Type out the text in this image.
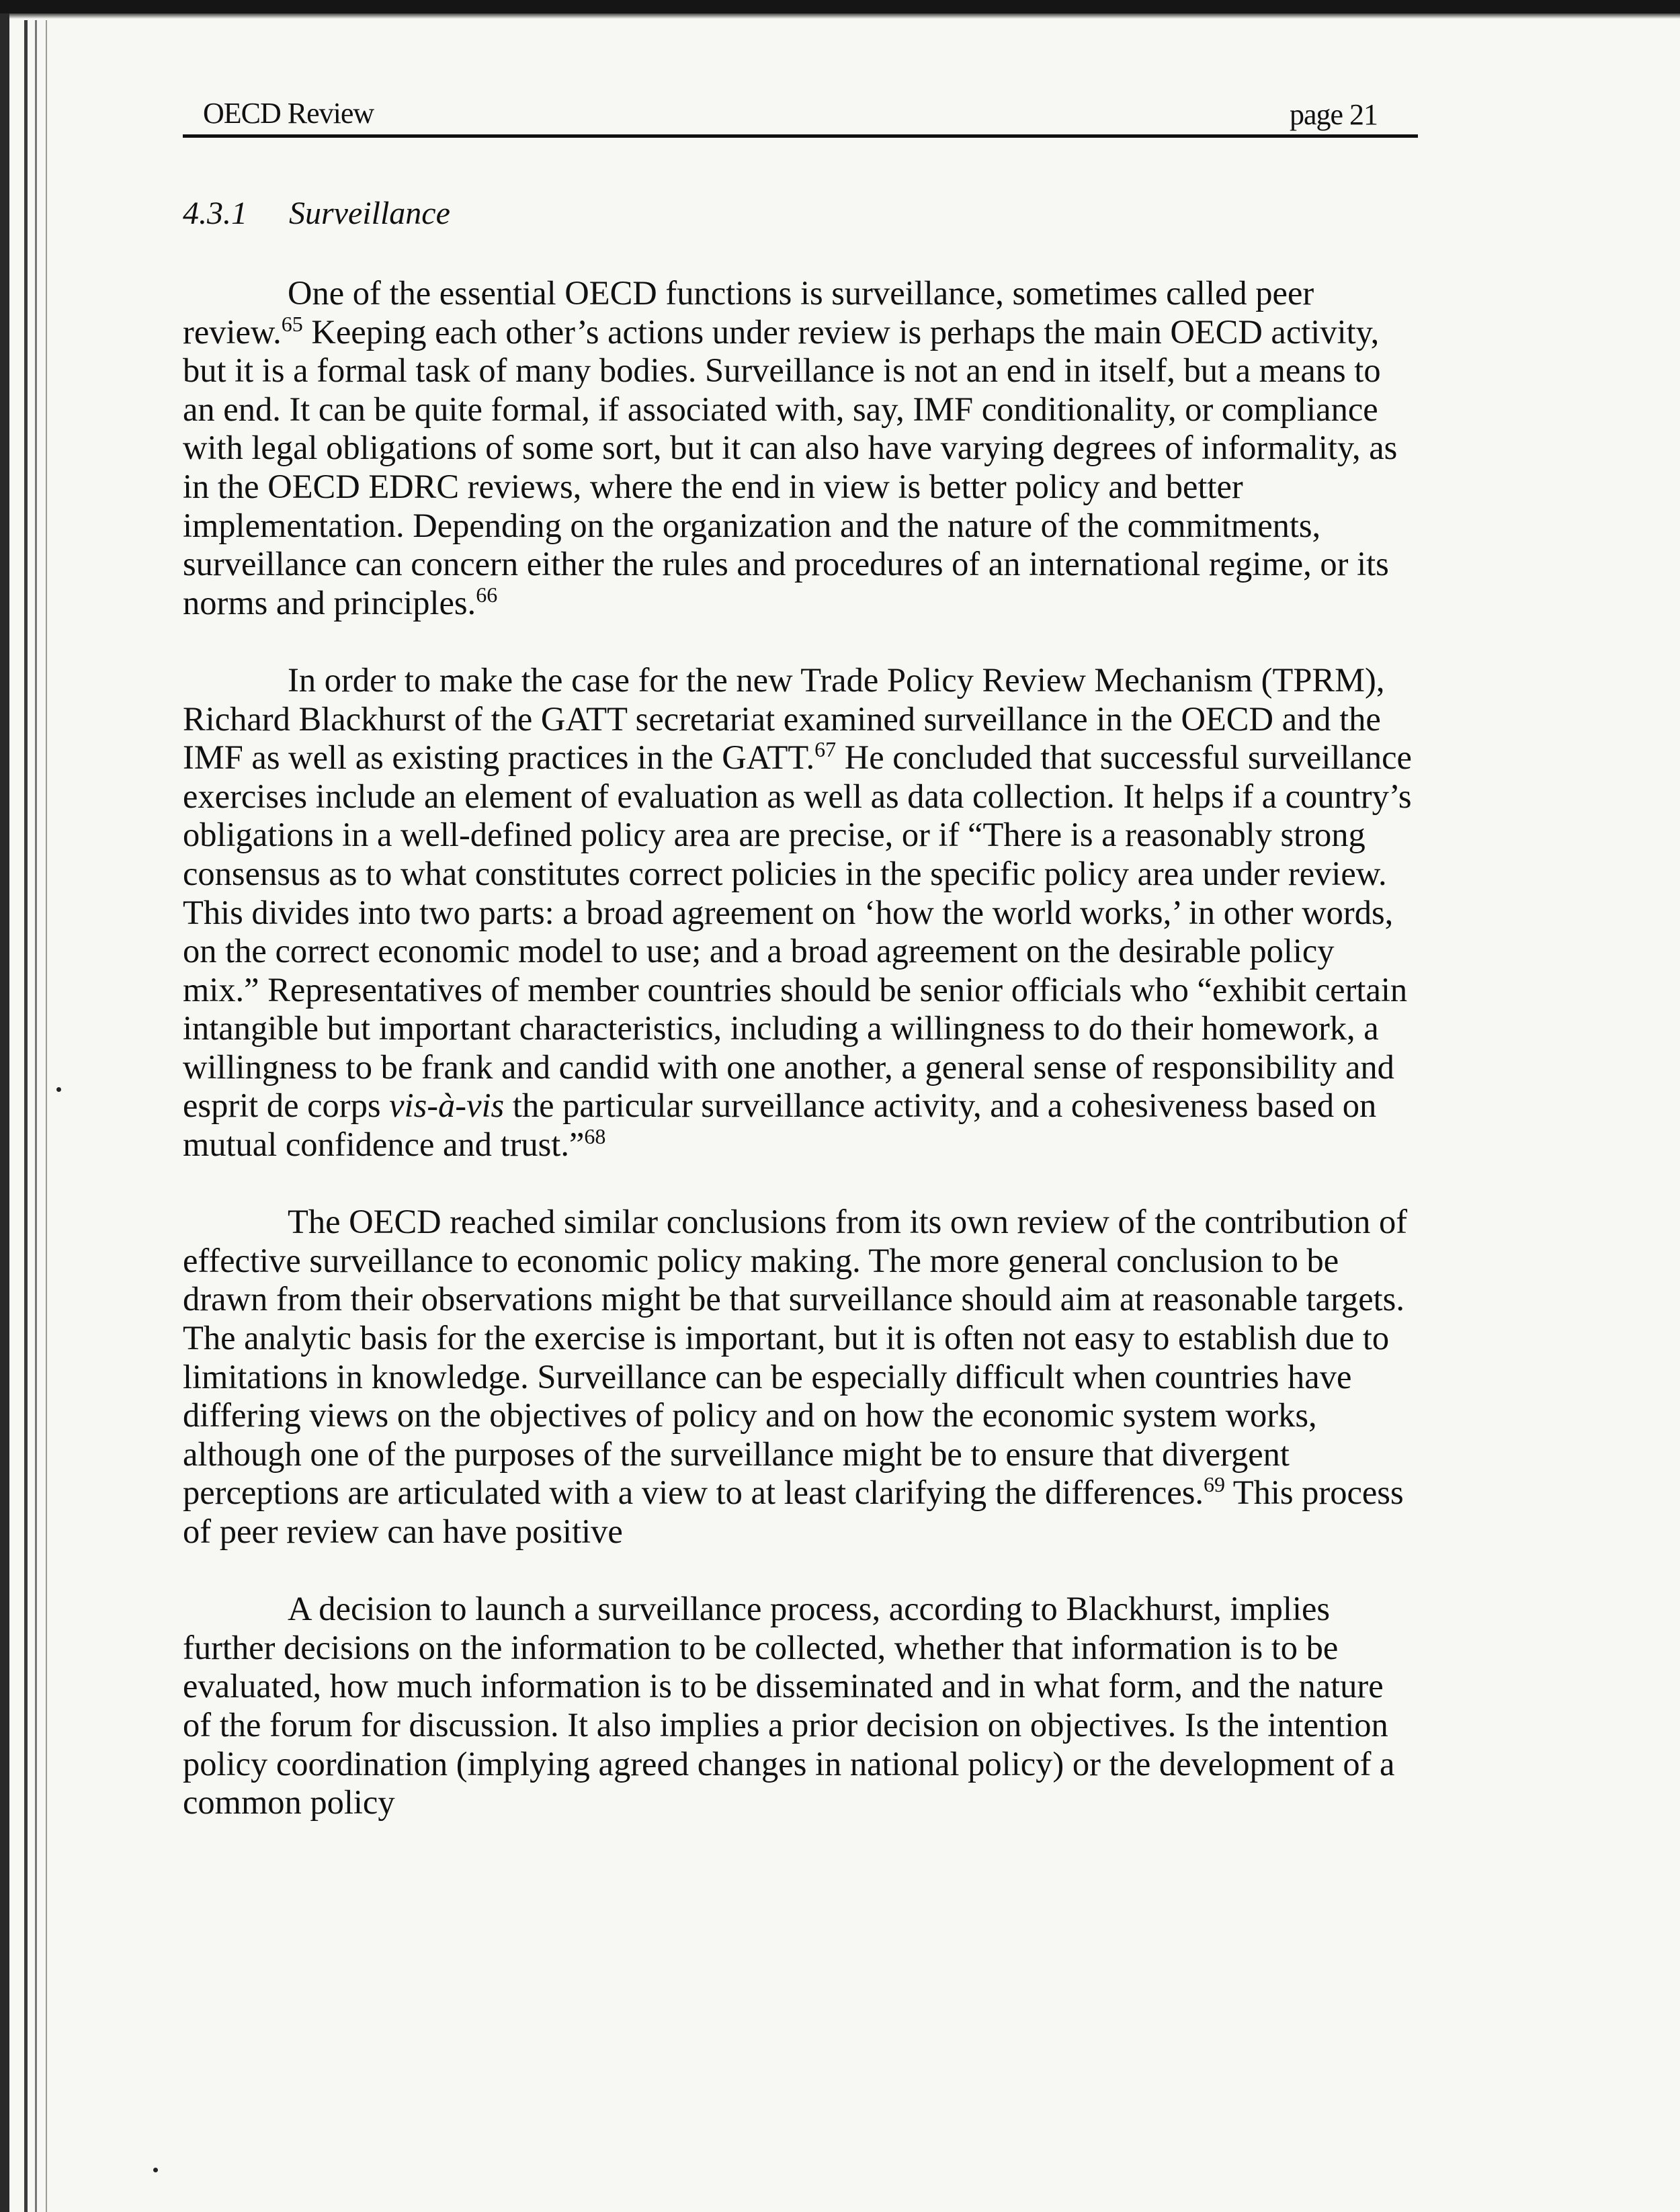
OECD Review	page 21
4.3.1 Surveillance

One of the essential OECD functions is surveillance, sometimes called peer review.$^{65}$ Keeping each other’s actions under review is perhaps the main OECD activity, but it is a formal task of many bodies. Surveillance is not an end in itself, but a means to an end. It can be quite formal, if associated with, say, IMF conditionality, or compliance with legal obligations of some sort, but it can also have varying degrees of informality, as in the OECD EDRC reviews, where the end in view is better policy and better implementation. Depending on the organization and the nature of the commitments, surveillance can concern either the rules and procedures of an international regime, or its norms and principles.$^{66}$

In order to make the case for the new Trade Policy Review Mechanism (TPRM), Richard Blackhurst of the GATT secretariat examined surveillance in the OECD and the IMF as well as existing practices in the GATT.$^{67}$ He concluded that successful surveillance exercises include an element of evaluation as well as data collection. It helps if a country’s obligations in a well-defined policy area are precise, or if “There is a reasonably strong consensus as to what constitutes correct policies in the specific policy area under review. This divides into two parts: a broad agreement on ‘how the world works,’ in other words, on the correct economic model to use; and a broad agreement on the desirable policy mix.” Representatives of member countries should be senior officials who “exhibit certain intangible but important characteristics, including a willingness to do their homework, a willingness to be frank and candid with one another, a general sense of responsibility and esprit de corps vis-à-vis the particular surveillance activity, and a cohesiveness based on mutual confidence and trust.”$^{68}$

The OECD reached similar conclusions from its own review of the contribution of effective surveillance to economic policy making. The more general conclusion to be drawn from their observations might be that surveillance should aim at reasonable targets. The analytic basis for the exercise is important, but it is often not easy to establish due to limitations in knowledge. Surveillance can be especially difficult when countries have differing views on the objectives of policy and on how the economic system works, although one of the purposes of the surveillance might be to ensure that divergent perceptions are articulated with a view to at least clarifying the differences.$^{69}$ This process of peer review can have positive

A decision to launch a surveillance process, according to Blackhurst, implies further decisions on the information to be collected, whether that information is to be evaluated, how much information is to be disseminated and in what form, and the nature of the forum for discussion. It also implies a prior decision on objectives. Is the intention policy coordination (implying agreed changes in national policy) or the development of a common policy
